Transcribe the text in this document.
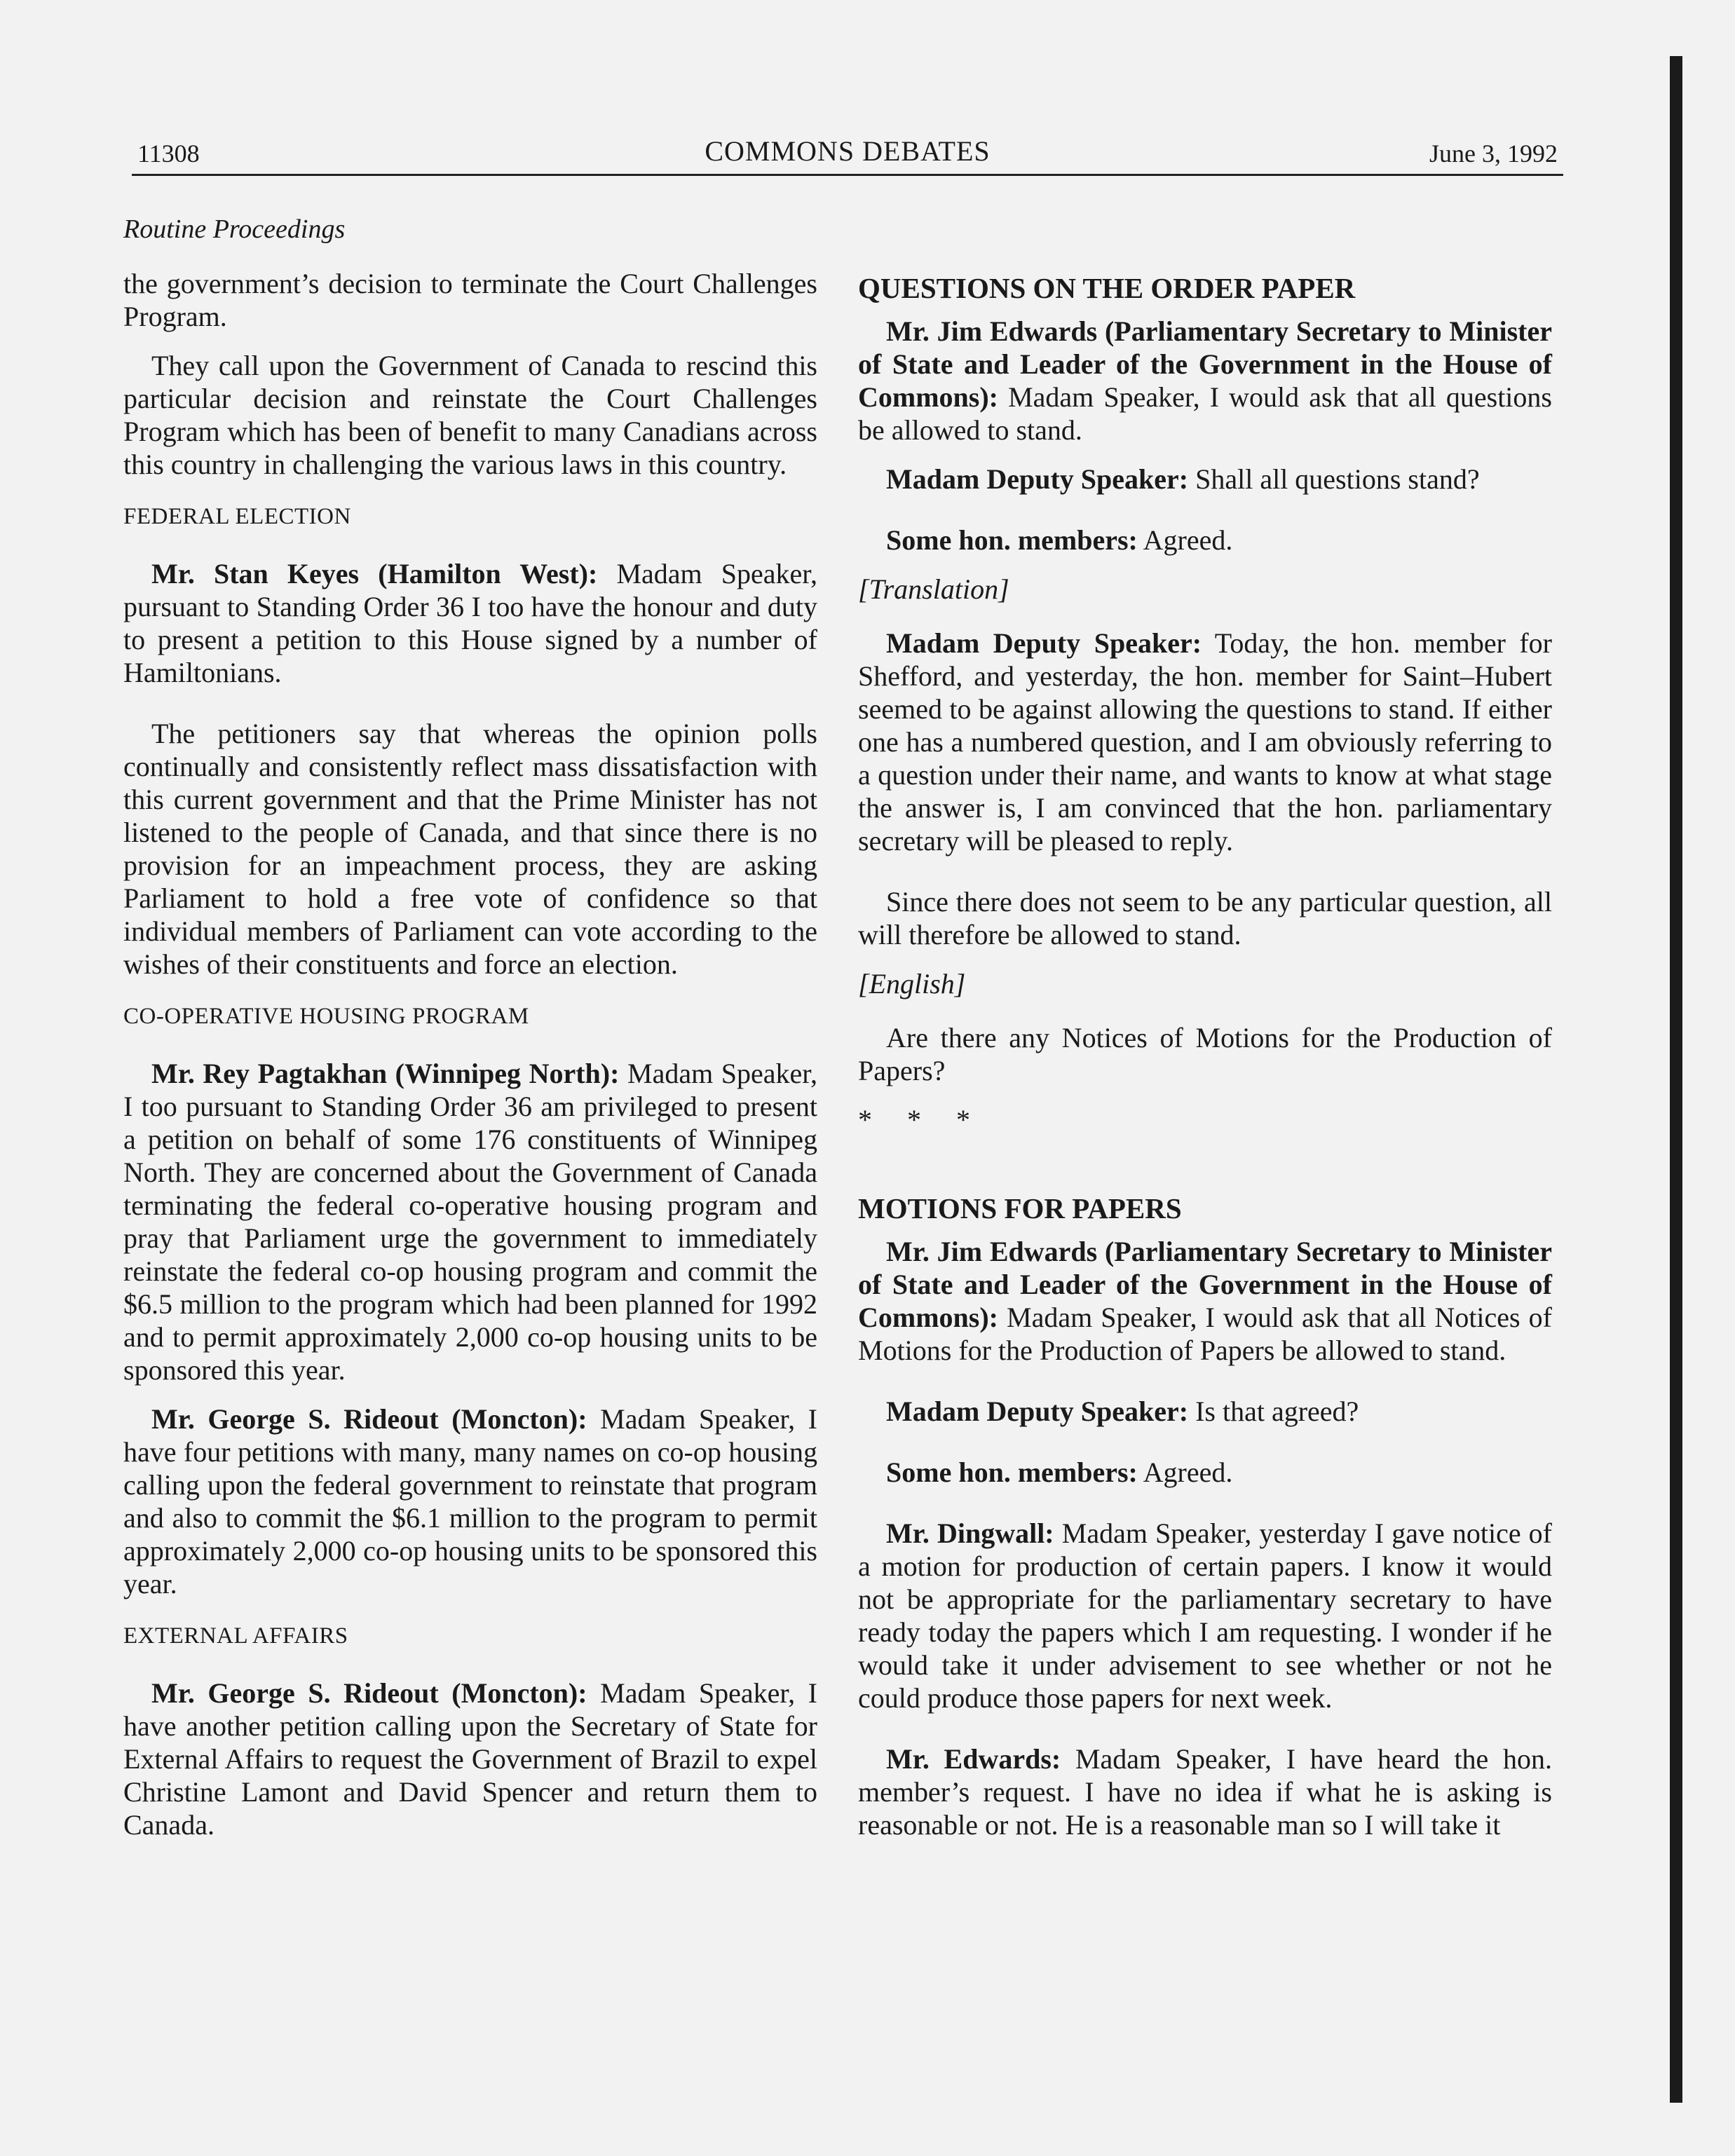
11308	COMMONS DEBATES	June 3, 1992

Routine Proceedings

the government’s decision to terminate the Court Challenges Program.

They call upon the Government of Canada to rescind this particular decision and reinstate the Court Challenges Program which has been of benefit to many Canadians across this country in challenging the various laws in this country.

FEDERAL ELECTION

Mr. Stan Keyes (Hamilton West): Madam Speaker, pursuant to Standing Order 36 I too have the honour and duty to present a petition to this House signed by a number of Hamiltonians.

The petitioners say that whereas the opinion polls continually and consistently reflect mass dissatisfaction with this current government and that the Prime Minister has not listened to the people of Canada, and that since there is no provision for an impeachment process, they are asking Parliament to hold a free vote of confidence so that individual members of Parliament can vote according to the wishes of their constituents and force an election.

CO-OPERATIVE HOUSING PROGRAM

Mr. Rey Pagtakhan (Winnipeg North): Madam Speaker, I too pursuant to Standing Order 36 am privileged to present a petition on behalf of some 176 constituents of Winnipeg North. They are concerned about the Government of Canada terminating the federal co-operative housing program and pray that Parliament urge the government to immediately reinstate the federal co-op housing program and commit the $6.5 million to the program which had been planned for 1992 and to permit approximately 2,000 co-op housing units to be sponsored this year.

Mr. George S. Rideout (Moncton): Madam Speaker, I have four petitions with many, many names on co-op housing calling upon the federal government to reinstate that program and also to commit the $6.1 million to the program to permit approximately 2,000 co-op housing units to be sponsored this year.

EXTERNAL AFFAIRS

Mr. George S. Rideout (Moncton): Madam Speaker, I have another petition calling upon the Secretary of State for External Affairs to request the Government of Brazil to expel Christine Lamont and David Spencer and return them to Canada.

QUESTIONS ON THE ORDER PAPER

Mr. Jim Edwards (Parliamentary Secretary to Minister of State and Leader of the Government in the House of Commons): Madam Speaker, I would ask that all questions be allowed to stand.

Madam Deputy Speaker: Shall all questions stand?

Some hon. members: Agreed.

[Translation]

Madam Deputy Speaker: Today, the hon. member for Shefford, and yesterday, the hon. member for Saint–Hubert seemed to be against allowing the questions to stand. If either one has a numbered question, and I am obviously referring to a question under their name, and wants to know at what stage the answer is, I am convinced that the hon. parliamentary secretary will be pleased to reply.

Since there does not seem to be any particular question, all will therefore be allowed to stand.

[English]

Are there any Notices of Motions for the Production of Papers?

* * *

MOTIONS FOR PAPERS

Mr. Jim Edwards (Parliamentary Secretary to Minister of State and Leader of the Government in the House of Commons): Madam Speaker, I would ask that all Notices of Motions for the Production of Papers be allowed to stand.

Madam Deputy Speaker: Is that agreed?

Some hon. members: Agreed.

Mr. Dingwall: Madam Speaker, yesterday I gave notice of a motion for production of certain papers. I know it would not be appropriate for the parliamentary secretary to have ready today the papers which I am requesting. I wonder if he would take it under advisement to see whether or not he could produce those papers for next week.

Mr. Edwards: Madam Speaker, I have heard the hon. member’s request. I have no idea if what he is asking is reasonable or not. He is a reasonable man so I will take it
